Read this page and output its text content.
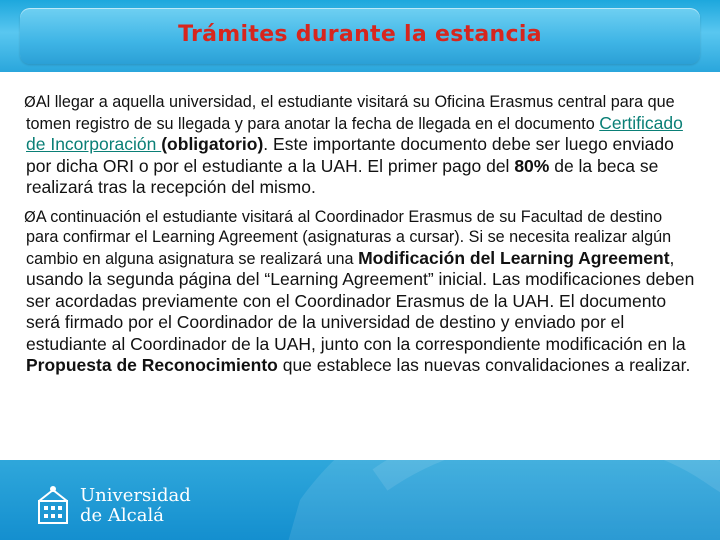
Trámites durante la estancia
Universidad
de Alcalá

ØAl llegar a aquella universidad, el estudiante visitará su Oficina Erasmus central para que tomen registro de su llegada y para anotar la fecha de llegada en el documento Certificado de Incorporación (obligatorio). Este importante documento debe ser luego enviado por dicha ORI o por el estudiante a la UAH. El primer pago del 80% de la beca se realizará tras la recepción del mismo.

ØA continuación el estudiante visitará al Coordinador Erasmus de su Facultad de destino para confirmar el Learning Agreement (asignaturas a cursar). Si se necesita realizar algún cambio en alguna asignatura se realizará una Modificación del Learning Agreement, usando la segunda página del “Learning Agreement” inicial. Las modificaciones deben ser acordadas previamente con el Coordinador Erasmus de la UAH. El documento será firmado por el Coordinador de la universidad de destino y enviado por el estudiante al Coordinador de la UAH, junto con la correspondiente modificación en la Propuesta de Reconocimiento que establece las nuevas convalidaciones a realizar.
